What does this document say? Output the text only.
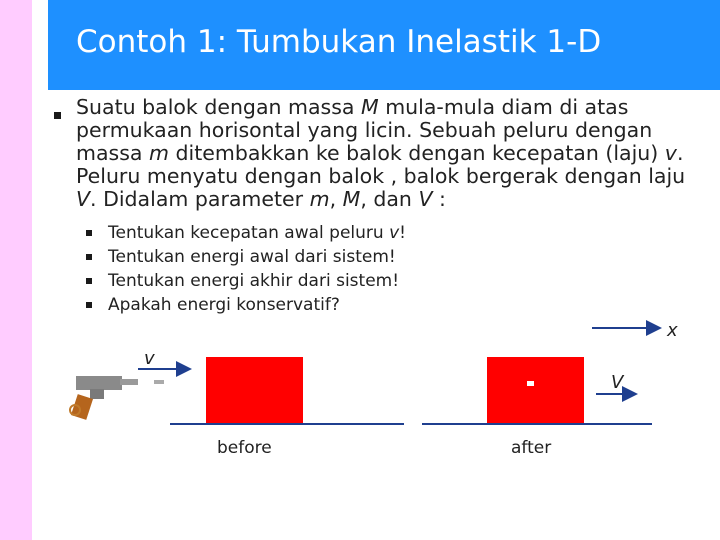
Contoh 1: Tumbukan Inelastik 1-D
Suatu balok dengan massa M mula-mula diam di atas permukaan horisontal yang licin. Sebuah peluru dengan massa m ditembakkan ke balok dengan kecepatan (laju) v. Peluru menyatu dengan balok , balok bergerak dengan laju V. Didalam parameter m, M, dan V :
Tentukan kecepatan awal peluru v!
Tentukan energi awal dari sistem!
Tentukan energi akhir dari sistem!
Apakah energi konservatif?
x
v
before	after
V
